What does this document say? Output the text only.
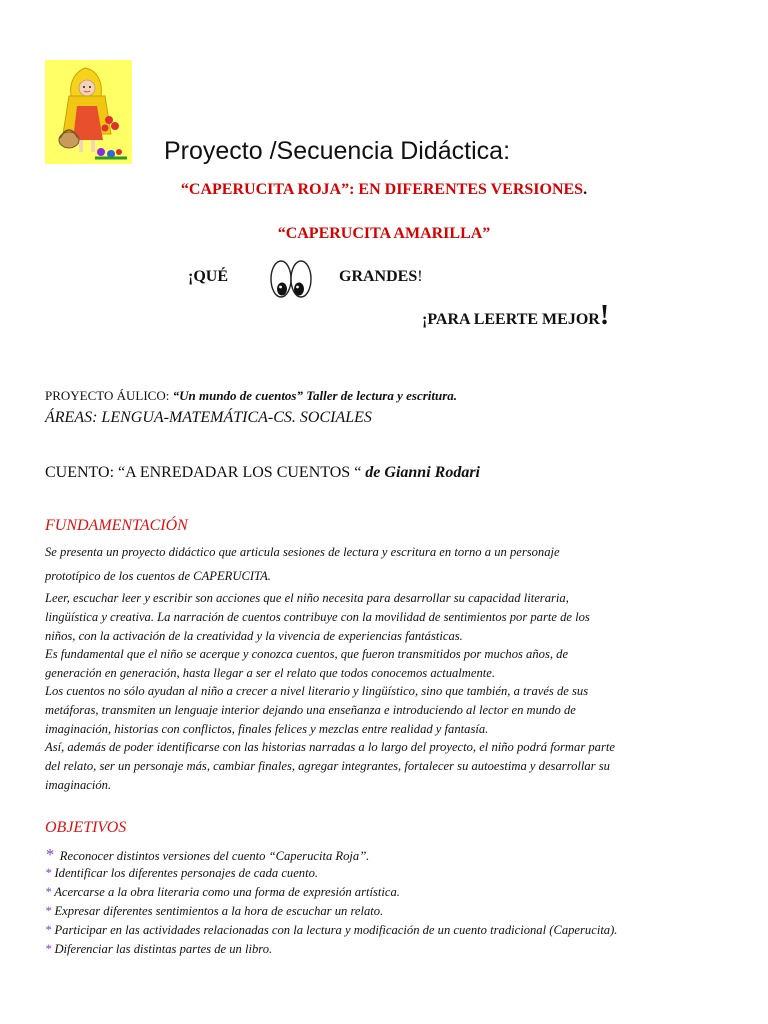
Proyecto /Secuencia Didáctica:
“CAPERUCITA ROJA”: EN DIFERENTES VERSIONES.
“CAPERUCITA AMARILLA”
¡QUÉ	GRANDES!
¡PARA LEERTE MEJOR!
PROYECTO ÁULICO: “Un mundo de cuentos” Taller de lectura y escritura.
ÁREAS: LENGUA-MATEMÁTICA-CS. SOCIALES
CUENTO: “A ENREDADAR LOS CUENTOS “ de Gianni Rodari
FUNDAMENTACIÓN
Se presenta un proyecto didáctico que articula sesiones de lectura y escritura en torno a un personaje
prototípico de los cuentos de CAPERUCITA.
Leer, escuchar leer y escribir son acciones que el niño necesita para desarrollar su capacidad literaria,
lingüística y creativa. La narración de cuentos contribuye con la movilidad de sentimientos por parte de los
niños, con la activación de la creatividad y la vivencia de experiencias fantásticas.
Es fundamental que el niño se acerque y conozca cuentos, que fueron transmitidos por muchos años, de
generación en generación, hasta llegar a ser el relato que todos conocemos actualmente.
Los cuentos no sólo ayudan al niño a crecer a nivel literario y lingüístico, sino que también, a través de sus
metáforas, transmiten un lenguaje interior dejando una enseñanza e introduciendo al lector en mundo de
imaginación, historias con conflictos, finales felices y mezclas entre realidad y fantasía.
Así, además de poder identificarse con las historias narradas a lo largo del proyecto, el niño podrá formar parte
del relato, ser un personaje más, cambiar finales, agregar integrantes, fortalecer su autoestima y desarrollar su
imaginación.
OBJETIVOS
* Reconocer distintos versiones del cuento “Caperucita Roja’’.
* Identificar los diferentes personajes de cada cuento.
* Acercarse a la obra literaria como una forma de expresión artística.
* Expresar diferentes sentimientos a la hora de escuchar un relato.
* Participar en las actividades relacionadas con la lectura y modificación de un cuento tradicional (Caperucita).
* Diferenciar las distintas partes de un libro.
